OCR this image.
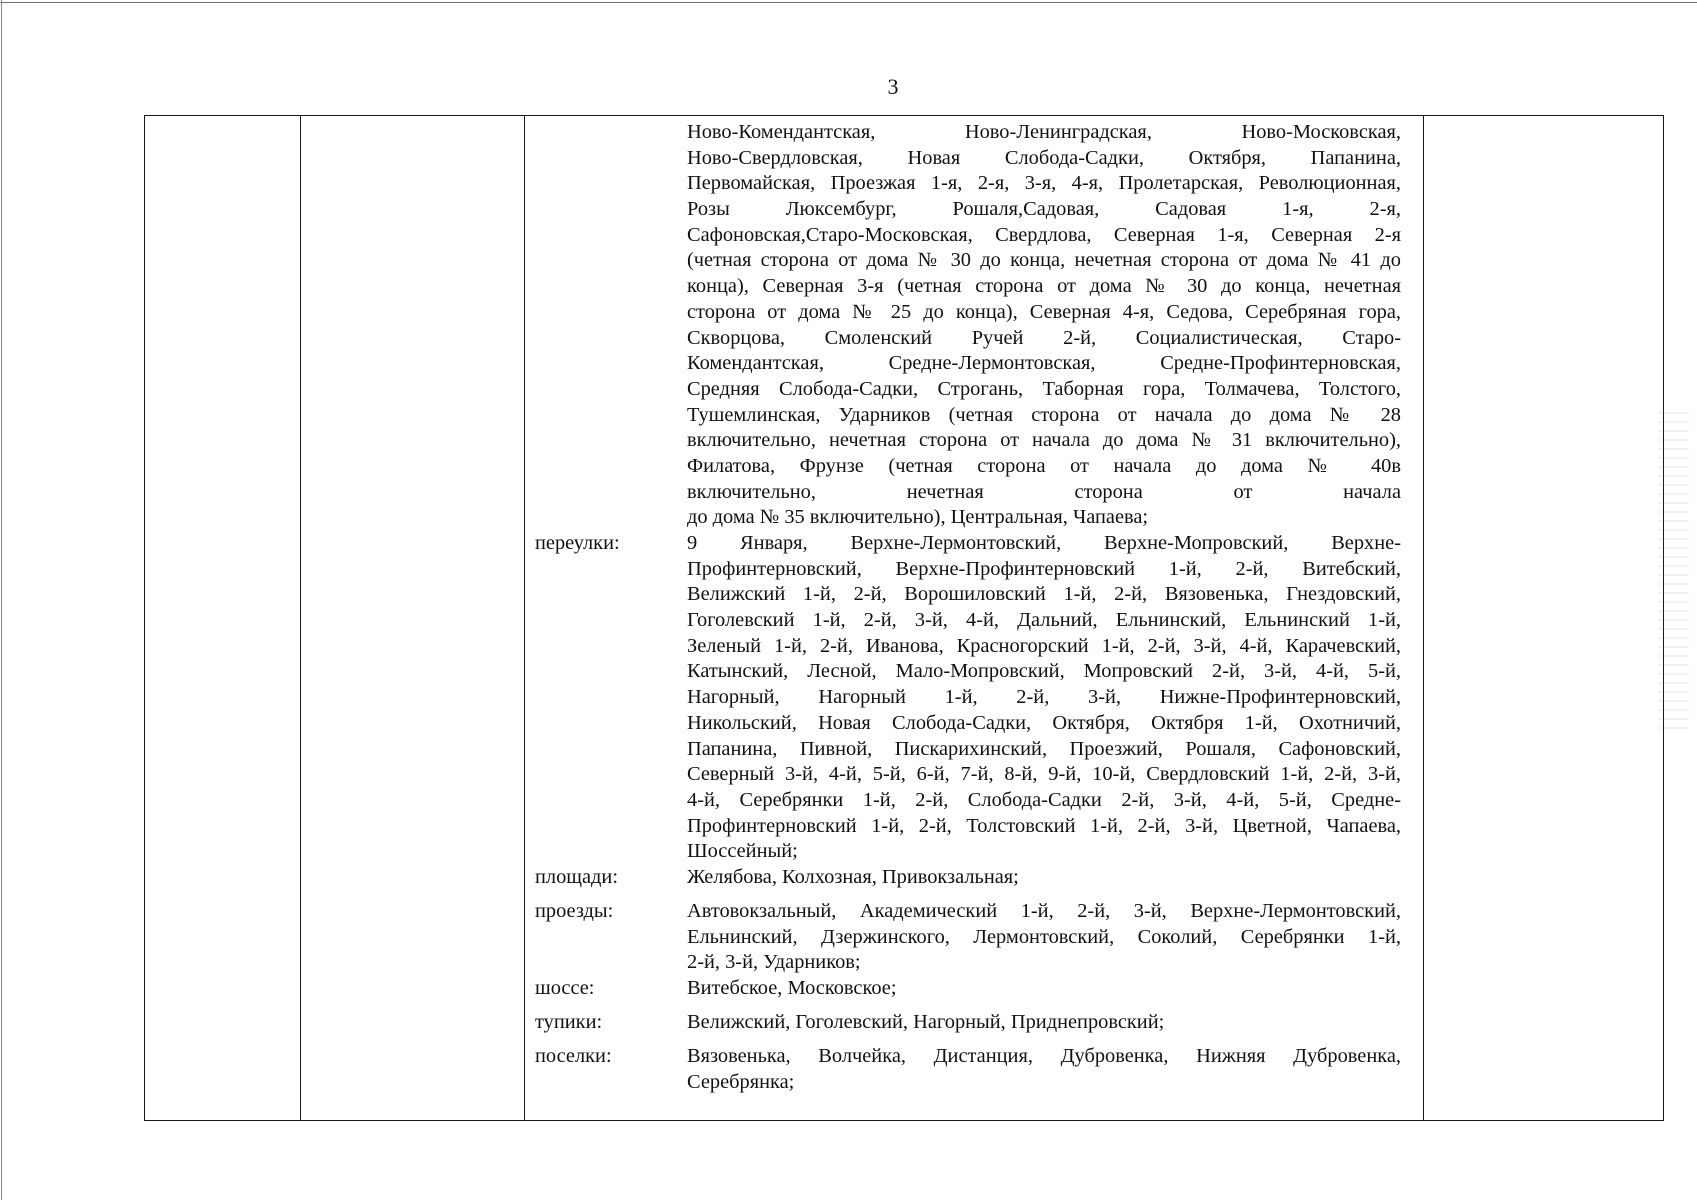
3
Ново-Комендантская, Ново-Ленинградская, Ново-Московская,
Ново-Свердловская, Новая Слобода-Садки, Октября, Папанина,
Первомайская, Проезжая 1-я, 2-я, 3-я, 4-я, Пролетарская, Революционная,
Розы Люксембург, Рошаля,Садовая, Садовая 1-я, 2-я,
Сафоновская,Старо-Московская, Свердлова, Северная 1-я, Северная 2-я
(четная сторона от дома № 30 до конца, нечетная сторона от дома № 41 до
конца), Северная 3-я (четная сторона от дома № 30 до конца, нечетная
сторона от дома № 25 до конца), Северная 4-я, Седова, Серебряная гора,
Скворцова, Смоленский Ручей 2-й, Социалистическая, Старо-
Комендантская, Средне-Лермонтовская, Средне-Профинтерновская,
Средняя Слобода-Садки, Строгань, Таборная гора, Толмачева, Толстого,
Тушемлинская, Ударников (четная сторона от начала до дома № 28
включительно, нечетная сторона от начала до дома № 31 включительно),
Филатова, Фрунзе (четная сторона от начала до дома № 40в
включительно, нечетная сторона от начала
до дома № 35 включительно), Центральная, Чапаева;
переулки:	9 Января, Верхне-Лермонтовский, Верхне-Мопровский, Верхне-
Профинтерновский, Верхне-Профинтерновский 1-й, 2-й, Витебский,
Велижский 1-й, 2-й, Ворошиловский 1-й, 2-й, Вязовенька, Гнездовский,
Гоголевский 1-й, 2-й, 3-й, 4-й, Дальний, Ельнинский, Ельнинский 1-й,
Зеленый 1-й, 2-й, Иванова, Красногорский 1-й, 2-й, 3-й, 4-й, Карачевский,
Катынский, Лесной, Мало-Мопровский, Мопровский 2-й, 3-й, 4-й, 5-й,
Нагорный, Нагорный 1-й, 2-й, 3-й, Нижне-Профинтерновский,
Никольский, Новая Слобода-Садки, Октября, Октября 1-й, Охотничий,
Папанина, Пивной, Пискарихинский, Проезжий, Рошаля, Сафоновский,
Северный 3-й, 4-й, 5-й, 6-й, 7-й, 8-й, 9-й, 10-й, Свердловский 1-й, 2-й, 3-й,
4-й, Серебрянки 1-й, 2-й, Слобода-Садки 2-й, 3-й, 4-й, 5-й, Средне-
Профинтерновский 1-й, 2-й, Толстовский 1-й, 2-й, 3-й, Цветной, Чапаева,
Шоссейный;
площади:	Желябова, Колхозная, Привокзальная;
проезды:	Автовокзальный, Академический 1-й, 2-й, 3-й, Верхне-Лермонтовский,
Ельнинский, Дзержинского, Лермонтовский, Соколий, Серебрянки 1-й,
2-й, 3-й, Ударников;
шоссе:	Витебское, Московское;
тупики:	Велижский, Гоголевский, Нагорный, Приднепровский;
поселки:	Вязовенька, Волчейка, Дистанция, Дубровенка, Нижняя Дубровенка,
Серебрянка;
